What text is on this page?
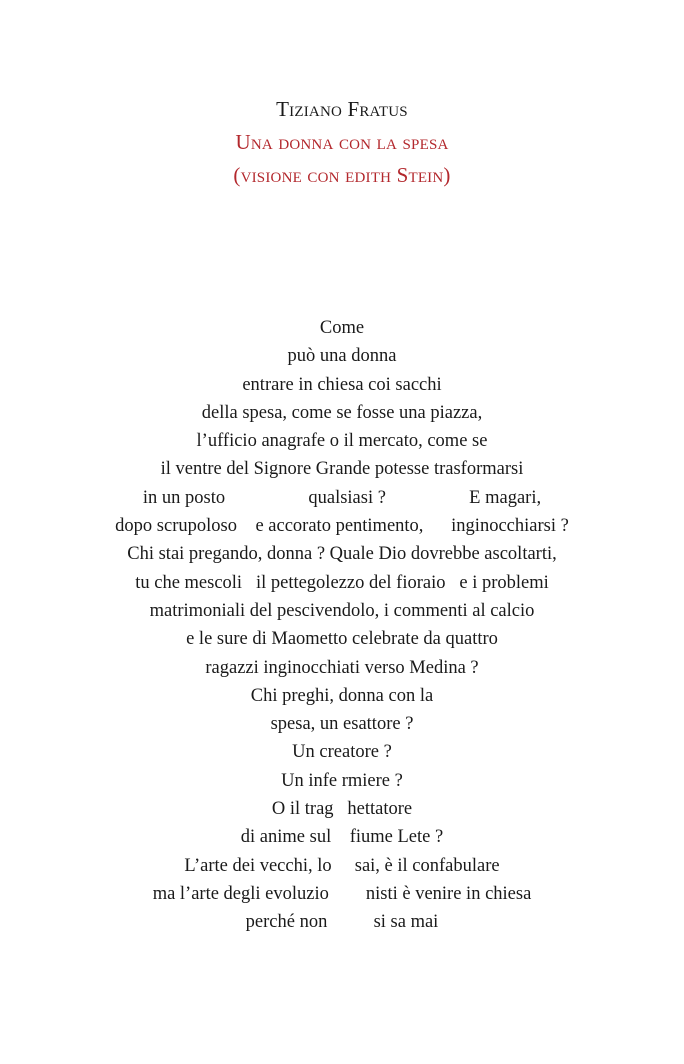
Tiziano Fratus
Una donna con la spesa
(visione con edith Stein)
Come
può una donna
entrare in chiesa coi sacchi
della spesa, come se fosse una piazza,
l’ufficio anagrafe o il mercato, come se
il ventre del Signore Grande potesse trasformarsi
in un posto                  qualsiasi ?                  E magari,
dopo scrupoloso    e accorato pentimento,      inginocchiarsi ?
Chi stai pregando, donna ? Quale Dio dovrebbe ascoltarti,
tu che mescoli   il pettegolezzo del fioraio   e i problemi
matrimoniali del pescivendolo, i commenti al calcio
e le sure di Maometto celebrate da quattro
ragazzi inginocchiati verso Medina ?
Chi preghi, donna con la
spesa, un esattore ?
Un creatore ?
Un infe rmiere ?
O il trag   hettatore
di anime sul    fiume Lete ?
L’arte dei vecchi, lo     sai, è il confabulare
ma l’arte degli evoluzio        nisti è venire in chiesa
perché non          si sa mai
